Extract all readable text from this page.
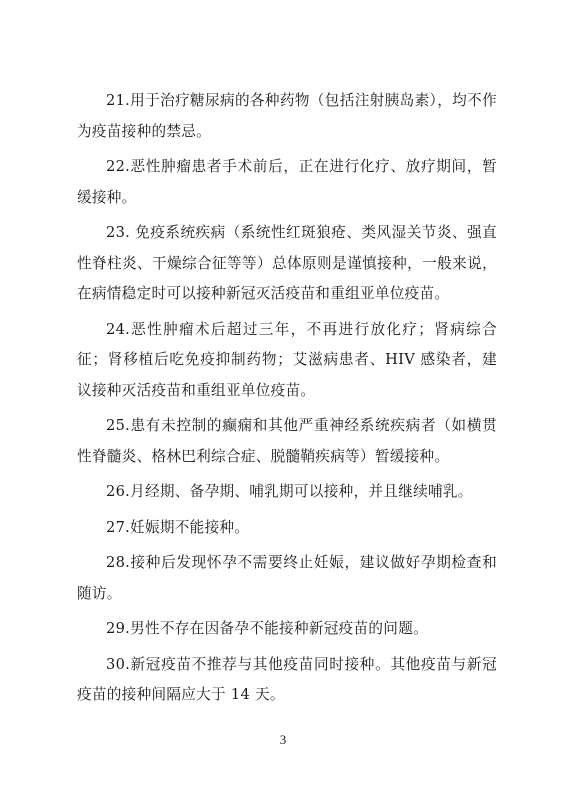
21.用于治疗糖尿病的各种药物（包括注射胰岛素），均不作为疫苗接种的禁忌。

22.恶性肿瘤患者手术前后，正在进行化疗、放疗期间，暂缓接种。

23. 免疫系统疾病（系统性红斑狼疮、类风湿关节炎、强直性脊柱炎、干燥综合征等等）总体原则是谨慎接种，一般来说，在病情稳定时可以接种新冠灭活疫苗和重组亚单位疫苗。

24.恶性肿瘤术后超过三年，不再进行放化疗；肾病综合征；肾移植后吃免疫抑制药物；艾滋病患者、HIV 感染者，建议接种灭活疫苗和重组亚单位疫苗。

25.患有未控制的癫痫和其他严重神经系统疾病者（如横贯性脊髓炎、格林巴利综合症、脱髓鞘疾病等）暂缓接种。

26.月经期、备孕期、哺乳期可以接种，并且继续哺乳。

27.妊娠期不能接种。

28.接种后发现怀孕不需要终止妊娠，建议做好孕期检查和随访。

29.男性不存在因备孕不能接种新冠疫苗的问题。

30.新冠疫苗不推荐与其他疫苗同时接种。其他疫苗与新冠疫苗的接种间隔应大于 14 天。

3
